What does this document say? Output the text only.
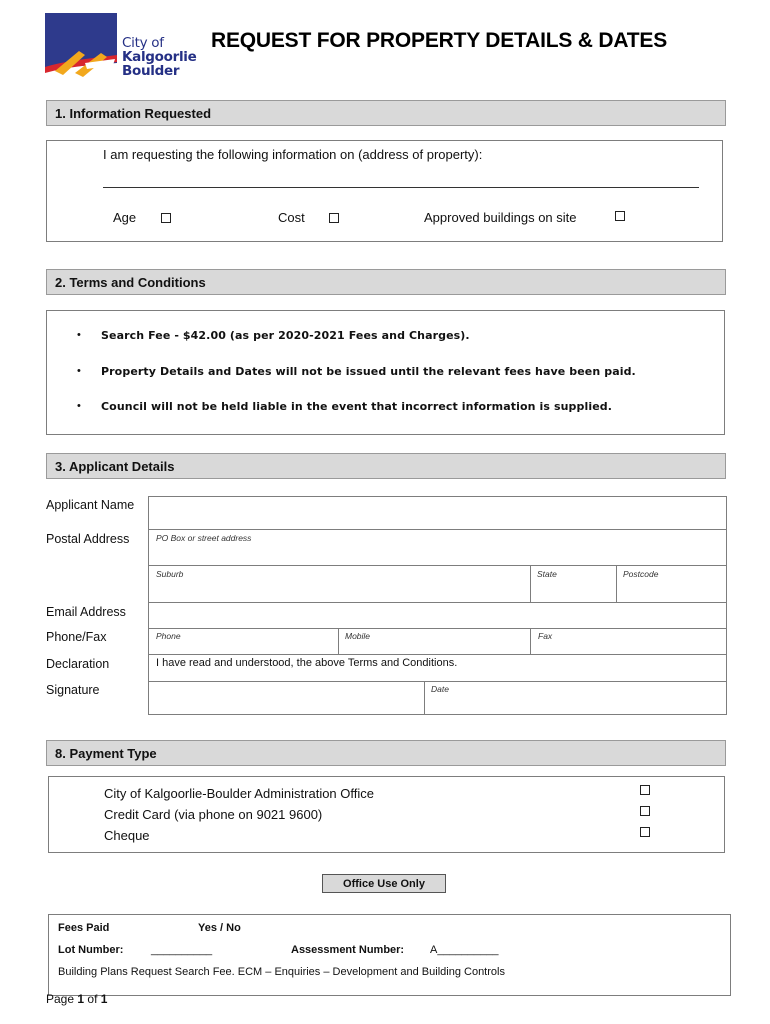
City of
Kalgoorlie
Boulder
REQUEST FOR PROPERTY DETAILS & DATES
1. Information Requested
I am requesting the following information on (address of property):
Age	Cost	Approved buildings on site
2. Terms and Conditions
• Search Fee - $42.00 (as per 2020-2021 Fees and Charges).
• Property Details and Dates will not be issued until the relevant fees have been paid.
• Council will not be held liable in the event that incorrect information is supplied.
3. Applicant Details
Applicant Name
Postal Address	PO Box or street address
Suburb	State	Postcode
Email Address
Phone/Fax	Phone	Mobile	Fax
Declaration	I have read and understood, the above Terms and Conditions.
Signature	Date
8. Payment Type
City of Kalgoorlie-Boulder Administration Office
Credit Card (via phone on 9021 9600)
Cheque
Office Use Only
Fees Paid	Yes / No
Lot Number:	__________	Assessment Number: A__________
Building Plans Request Search Fee. ECM – Enquiries – Development and Building Controls
Page 1 of 1
